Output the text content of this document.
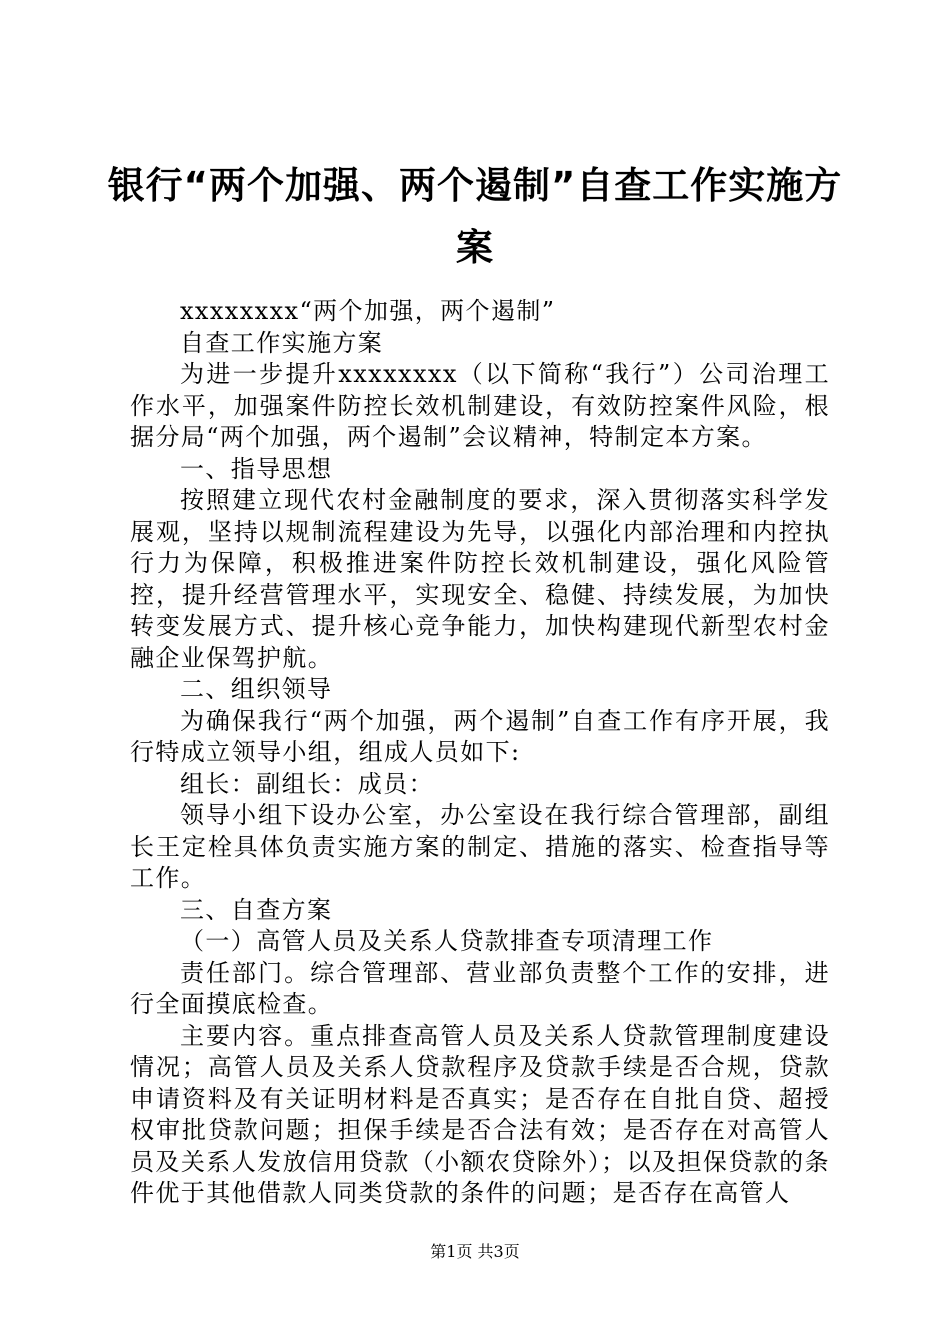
银行“两个加强、两个遏制”自查工作实施方案

xxxxxxxx“两个加强，两个遏制”

自查工作实施方案

为进一步提升xxxxxxxx（以下简称“我行”）公司治理工作水平，加强案件防控长效机制建设，有效防控案件风险，根据分局“两个加强，两个遏制”会议精神，特制定本方案。

一、指导思想

按照建立现代农村金融制度的要求，深入贯彻落实科学发展观，坚持以规制流程建设为先导，以强化内部治理和内控执行力为保障，积极推进案件防控长效机制建设，强化风险管控，提升经营管理水平，实现安全、稳健、持续发展，为加快转变发展方式、提升核心竞争能力，加快构建现代新型农村金融企业保驾护航。

二、组织领导

为确保我行“两个加强，两个遏制”自查工作有序开展，我行特成立领导小组，组成人员如下:

组长：副组长：成员：

领导小组下设办公室，办公室设在我行综合管理部，副组长王定栓具体负责实施方案的制定、措施的落实、检查指导等工作。

三、自查方案

（一）高管人员及关系人贷款排查专项清理工作

责任部门。综合管理部、营业部负责整个工作的安排，进行全面摸底检查。

主要内容。重点排查高管人员及关系人贷款管理制度建设情况；高管人员及关系人贷款程序及贷款手续是否合规，贷款申请资料及有关证明材料是否真实；是否存在自批自贷、超授权审批贷款问题；担保手续是否合法有效；是否存在对高管人员及关系人发放信用贷款（小额农贷除外）；以及担保贷款的条件优于其他借款人同类贷款的条件的问题；是否存在高管人

第1页 共3页
